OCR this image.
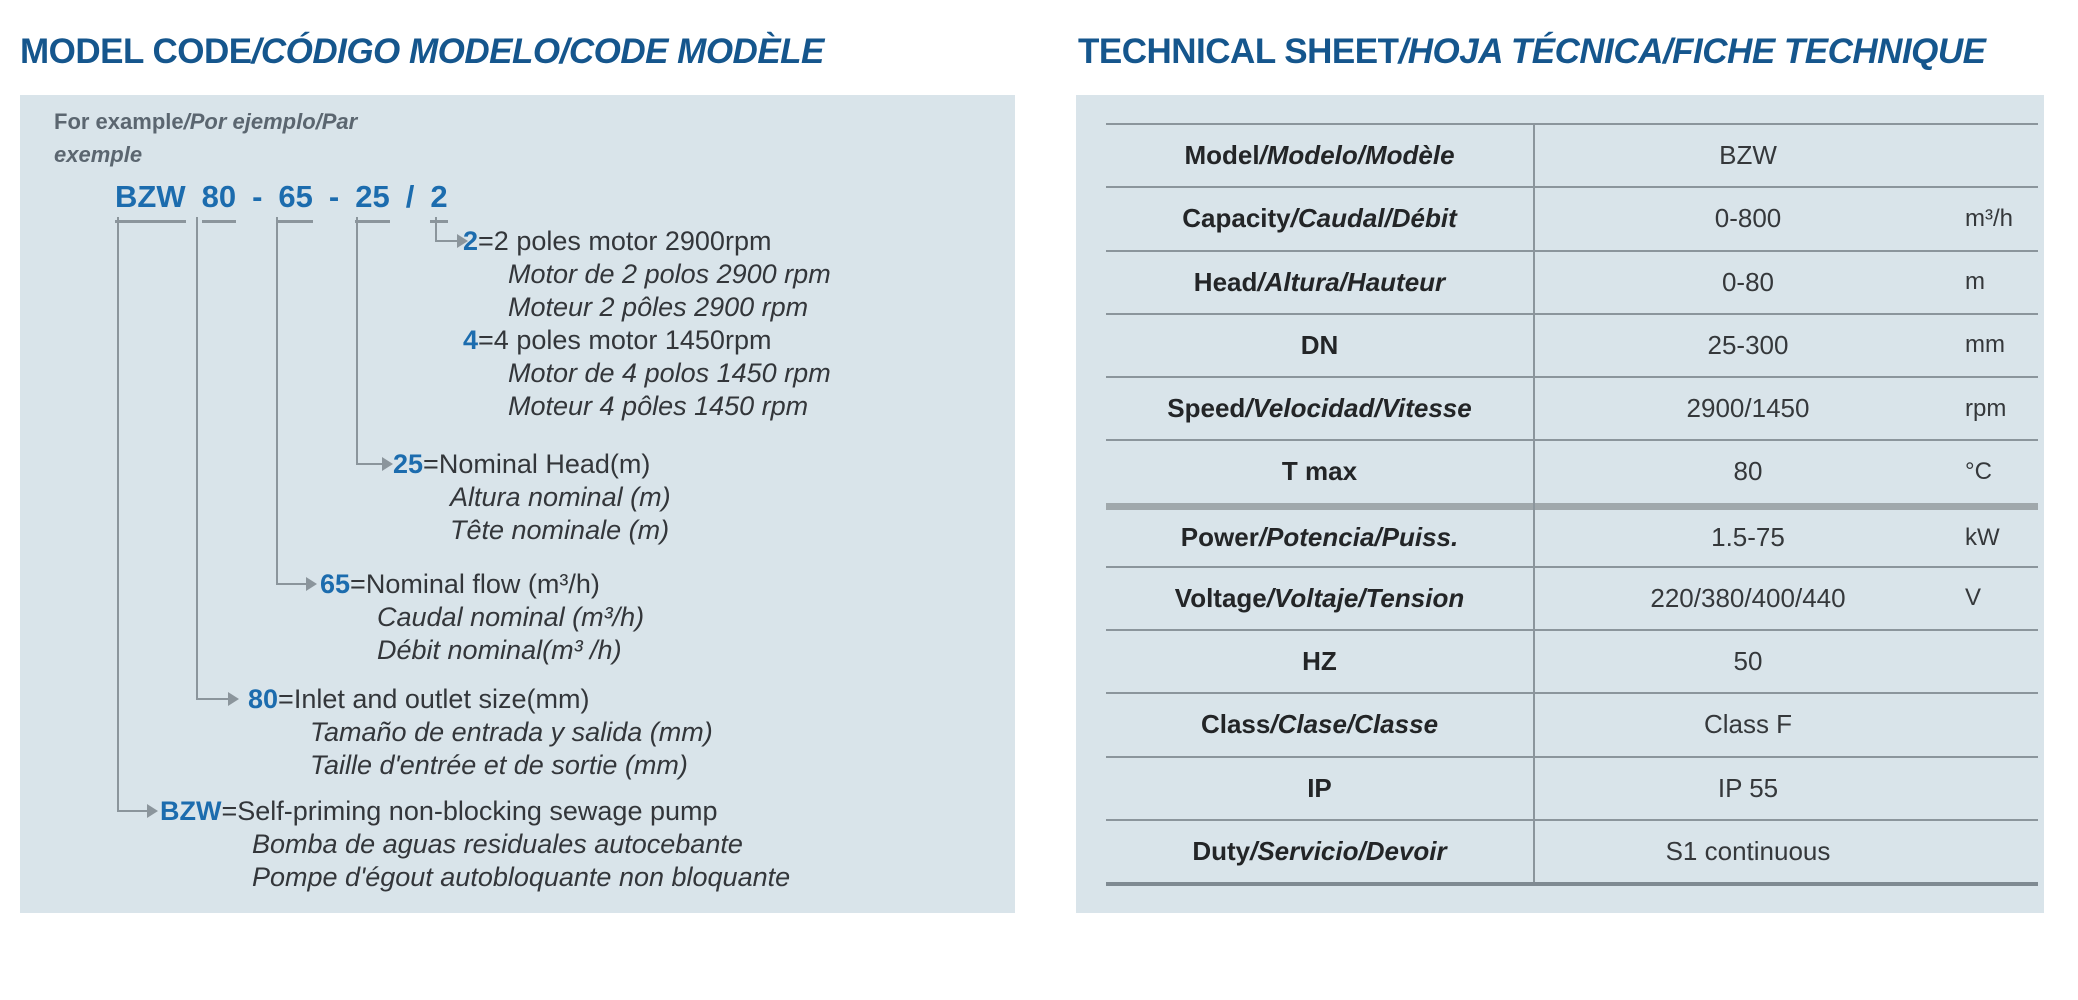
MODEL CODE/CÓDIGO MODELO/CODE MODÈLE	TECHNICAL SHEET/HOJA TÉCNICA/FICHE TECHNIQUE
For example/Por ejemplo/Par
exemple
BZW 80 - 65 - 25 / 2
2=2 poles motor 2900rpm
Motor de 2 polos 2900 rpm
Moteur 2 pôles 2900 rpm
4=4 poles motor 1450rpm
Motor de 4 polos 1450 rpm
Moteur 4 pôles 1450 rpm
25=Nominal Head(m)
Altura nominal (m)
Tête nominale (m)
65=Nominal flow (m³/h)
Caudal nominal (m³/h)
Débit nominal(m³ /h)
80=Inlet and outlet size(mm)
Tamaño de entrada y salida (mm)
Taille d'entrée et de sortie (mm)
BZW=Self-priming non-blocking sewage pump
Bomba de aguas residuales autocebante
Pompe d'égout autobloquante non bloquante
Model/Modelo/Modèle	BZW
Capacity/Caudal/Débit	0-800	m³/h
Head/Altura/Hauteur	0-80	m
DN	25-300	mm
Speed/Velocidad/Vitesse	2900/1450	rpm
T max	80	°C
Power/Potencia/Puiss.	1.5-75	kW
Voltage/Voltaje/Tension	220/380/400/440	V
HZ	50
Class/Clase/Classe	Class F
IP	IP 55
Duty/Servicio/Devoir	S1 continuous
